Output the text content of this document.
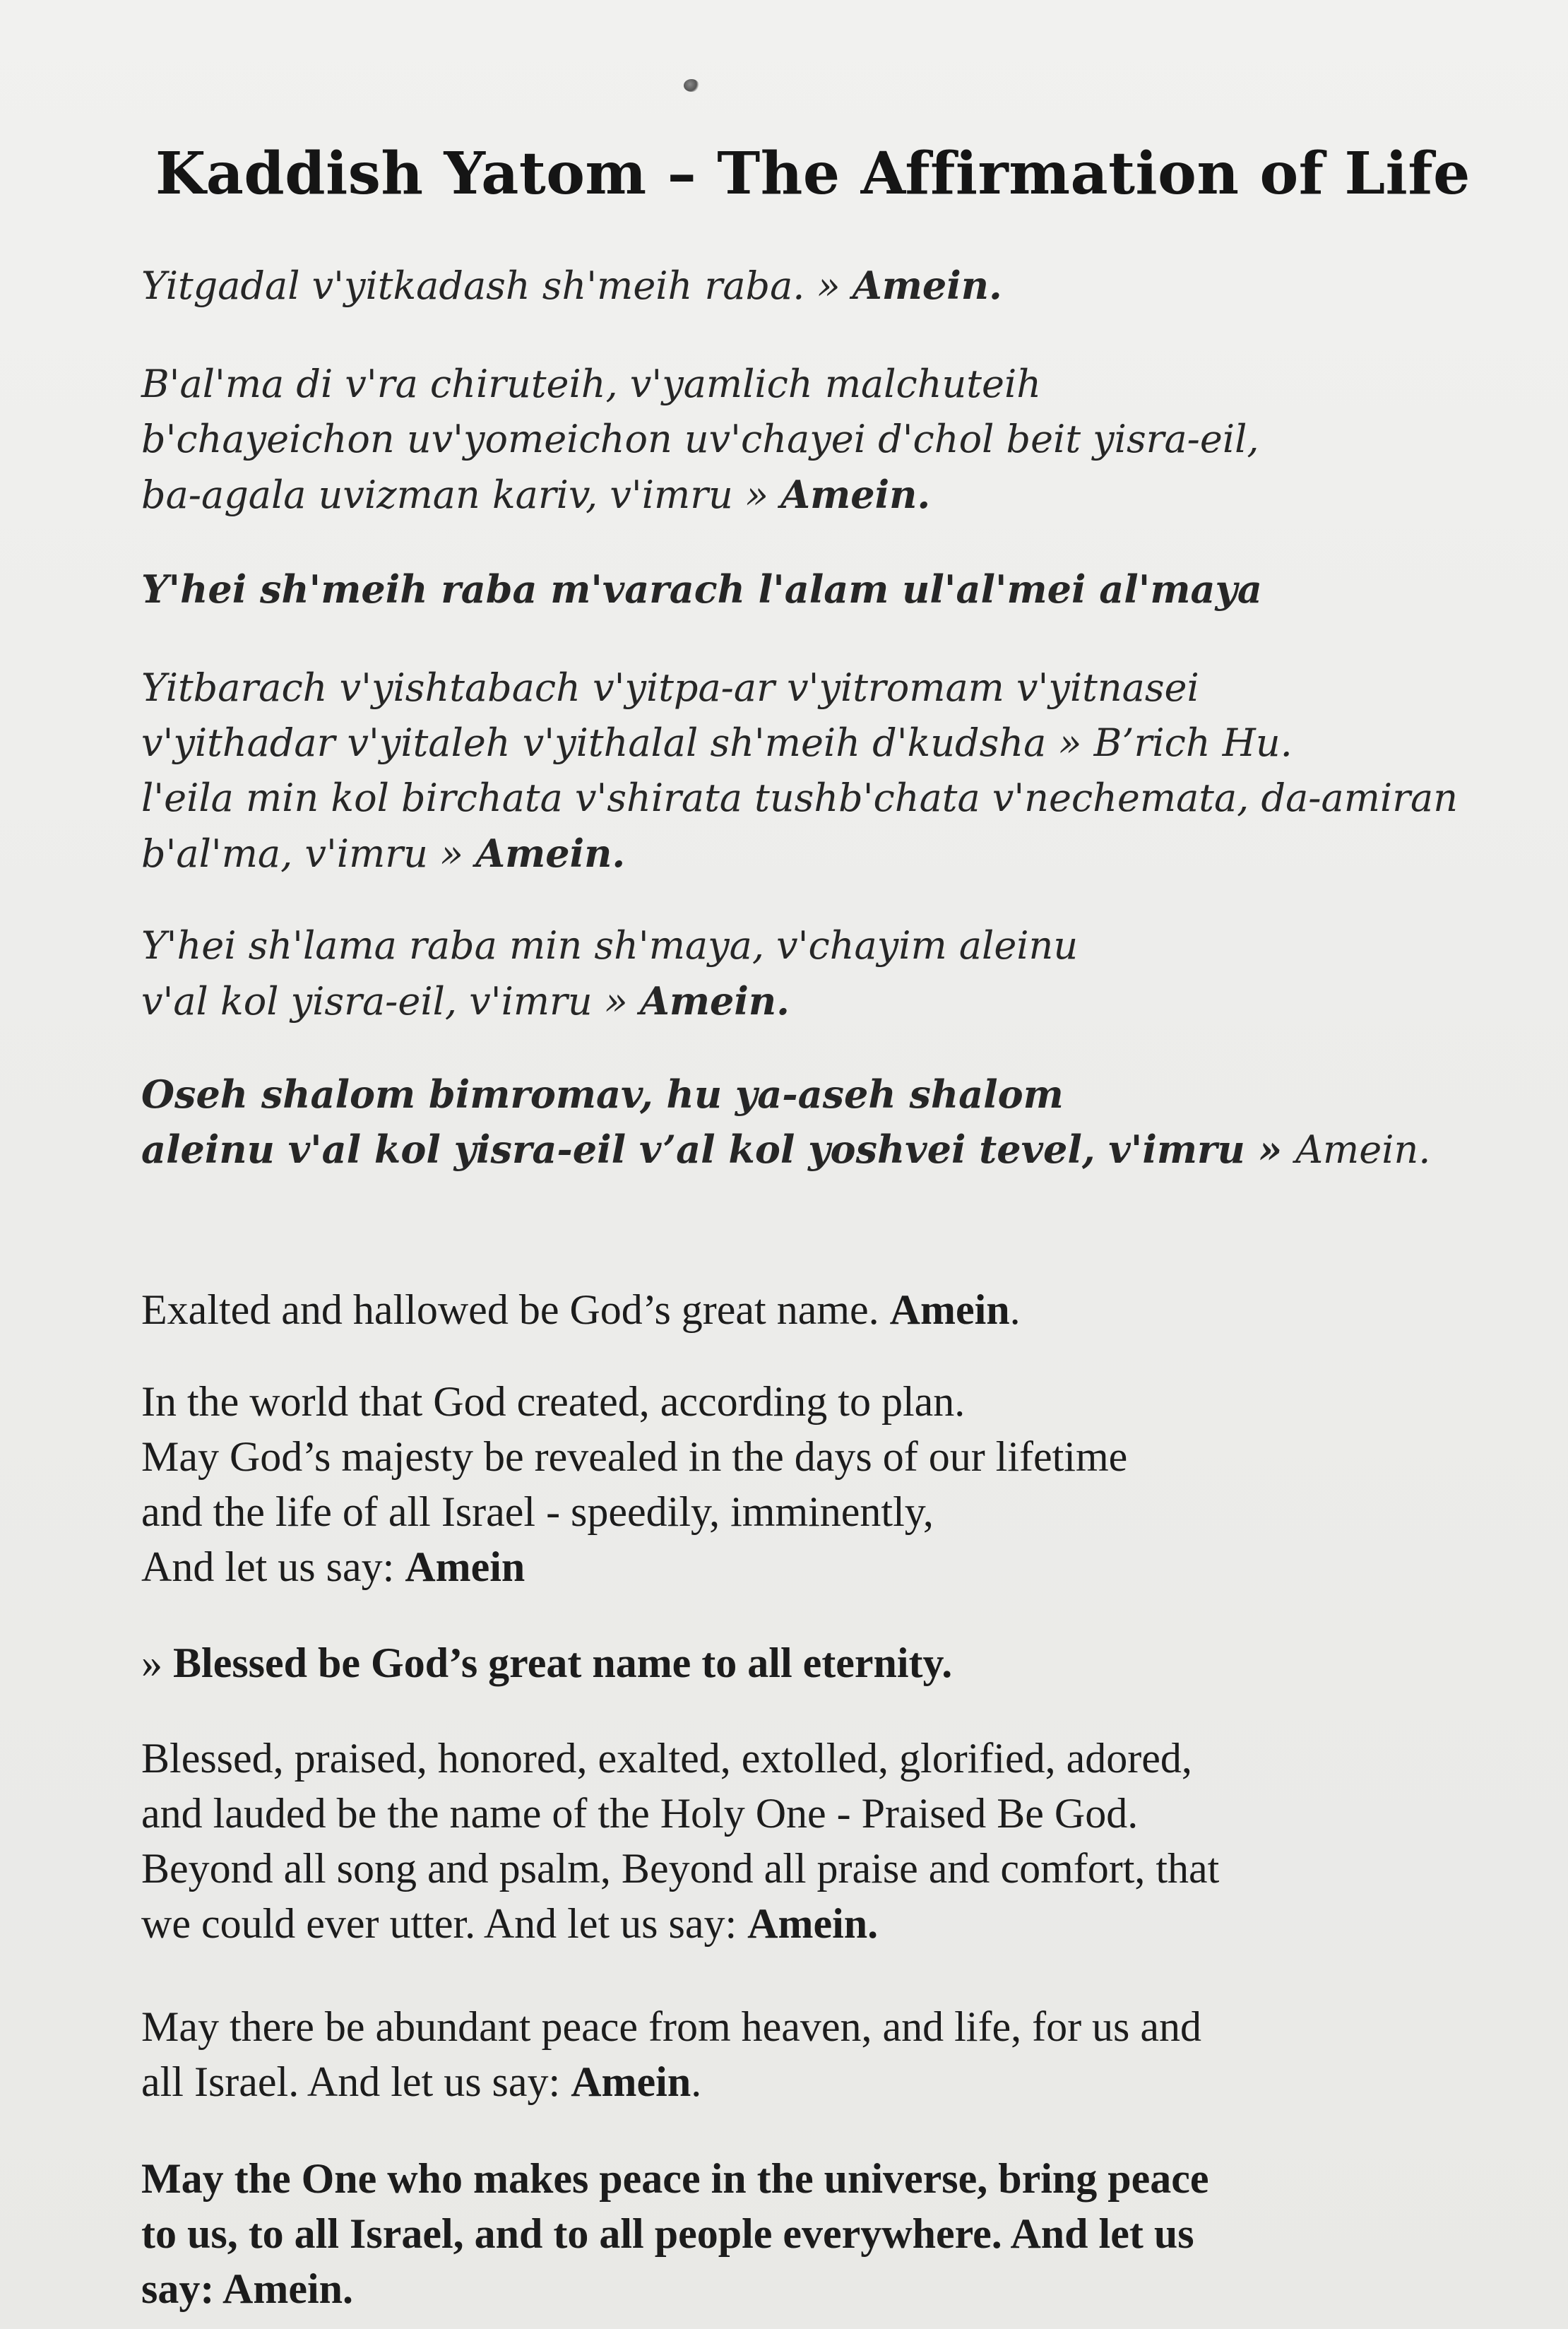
Kaddish Yatom – The Affirmation of Life

Yitgadal v'yitkadash sh'meih raba. » Amein.

B'al'ma di v'ra chiruteih, v'yamlich malchuteih
b'chayeichon uv'yomeichon uv'chayei d'chol beit yisra-eil,
ba-agala uvizman kariv, v'imru » Amein.

Y'hei sh'meih raba m'varach l'alam ul'al'mei al'maya

Yitbarach v'yishtabach v'yitpa-ar v'yitromam v'yitnasei
v'yithadar v'yitaleh v'yithalal sh'meih d'kudsha » B’rich Hu.
l'eila min kol birchata v'shirata tushb'chata v'nechemata, da-amiran
b'al'ma, v'imru » Amein.

Y'hei sh'lama raba min sh'maya, v'chayim aleinu
v'al kol yisra-eil, v'imru » Amein.

Oseh shalom bimromav, hu ya-aseh shalom
aleinu v'al kol yisra-eil v’al kol yoshvei tevel, v'imru » Amein.

Exalted and hallowed be God’s great name. Amein.

In the world that God created, according to plan.
May God’s majesty be revealed in the days of our lifetime
and the life of all Israel - speedily, imminently,
And let us say: Amein

» Blessed be God’s great name to all eternity.

Blessed, praised, honored, exalted, extolled, glorified, adored,
and lauded be the name of the Holy One - Praised Be God.
Beyond all song and psalm, Beyond all praise and comfort, that
we could ever utter. And let us say: Amein.

May there be abundant peace from heaven, and life, for us and
all Israel. And let us say: Amein.

May the One who makes peace in the universe, bring peace
to us, to all Israel, and to all people everywhere. And let us
say: Amein.
